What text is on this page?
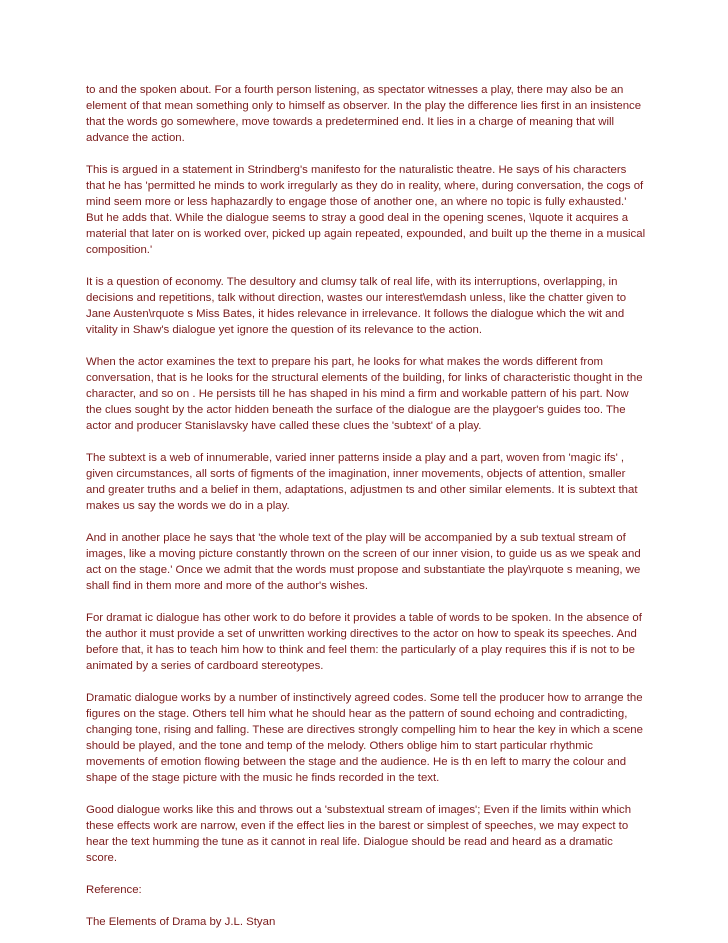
to and the spoken about. For a fourth person listening, as spectator witnesses a play, there may also be an element of that mean something only to himself as observer. In the play the difference lies first in an insistence that the words go somewhere, move towards a predetermined end. It lies in a charge of meaning that will advance the action.

This is argued in a statement in Strindberg's manifesto for the naturalistic theatre. He says of his characters that he has 'permitted he minds to work irregularly as they do in reality, where, during conversation, the cogs of mind seem more or less haphazardly to engage those of another one, an where no topic is fully exhausted.' But he adds that. While the dialogue seems to stray a good deal in the opening scenes, \lquote it acquires a material that later on is worked over, picked up again repeated, expounded, and built up the theme in a musical composition.'

It is a question of economy. The desultory and clumsy talk of real life, with its interruptions, overlapping, in decisions and repetitions, talk without direction, wastes our interest\emdash unless, like the chatter given to Jane Austen\rquote s Miss Bates, it hides relevance in irrelevance. It follows the dialogue which the wit and vitality in Shaw's dialogue yet ignore the question of its relevance to the action.

When the actor examines the text to prepare his part, he looks for what makes the words different from conversation, that is he looks for the structural elements of the building, for links of characteristic thought in the character, and so on . He persists till he has shaped in his mind a firm and workable pattern of his part. Now the clues sought by the actor hidden beneath the surface of the dialogue are the playgoer's guides too. The actor and producer Stanislavsky have called these clues the 'subtext' of a play.

The subtext is a web of innumerable, varied inner patterns inside a play and a part, woven from 'magic ifs' , given circumstances, all sorts of figments of the imagination, inner movements, objects of attention, smaller and greater truths and a belief in them, adaptations, adjustmen ts and other similar elements. It is subtext that makes us say the words we do in a play.

And in another place he says that 'the whole text of the play will be accompanied by a sub textual stream of images, like a moving picture constantly thrown on the screen of our inner vision, to guide us as we speak and act on the stage.' Once we admit that the words must propose and substantiate the play\rquote s meaning, we shall find in them more and more of the author's wishes.

For dramat ic dialogue has other work to do before it provides a table of words to be spoken. In the absence of the author it must provide a set of unwritten working directives to the actor on how to speak its speeches. And before that, it has to teach him how to think and feel them: the particularly of a play requires this if is not to be animated by a series of cardboard stereotypes.

Dramatic dialogue works by a number of instinctively agreed codes. Some tell the producer how to arrange the figures on the stage. Others tell him what he should hear as the pattern of sound echoing and contradicting, changing tone, rising and falling. These are directives strongly compelling him to hear the key in which a scene should be played, and the tone and temp of the melody. Others oblige him to start particular rhythmic movements of emotion flowing between the stage and the audience. He is th en left to marry the colour and shape of the stage picture with the music he finds recorded in the text.

Good dialogue works like this and throws out a 'substextual stream of images'; Even if the limits within which these effects work are narrow, even if the effect lies in the barest or simplest of speeches, we may expect to hear the text humming the tune as it cannot in real life. Dialogue should be read and heard as a dramatic score.

Reference:

The Elements of Drama by J.L. Styan
